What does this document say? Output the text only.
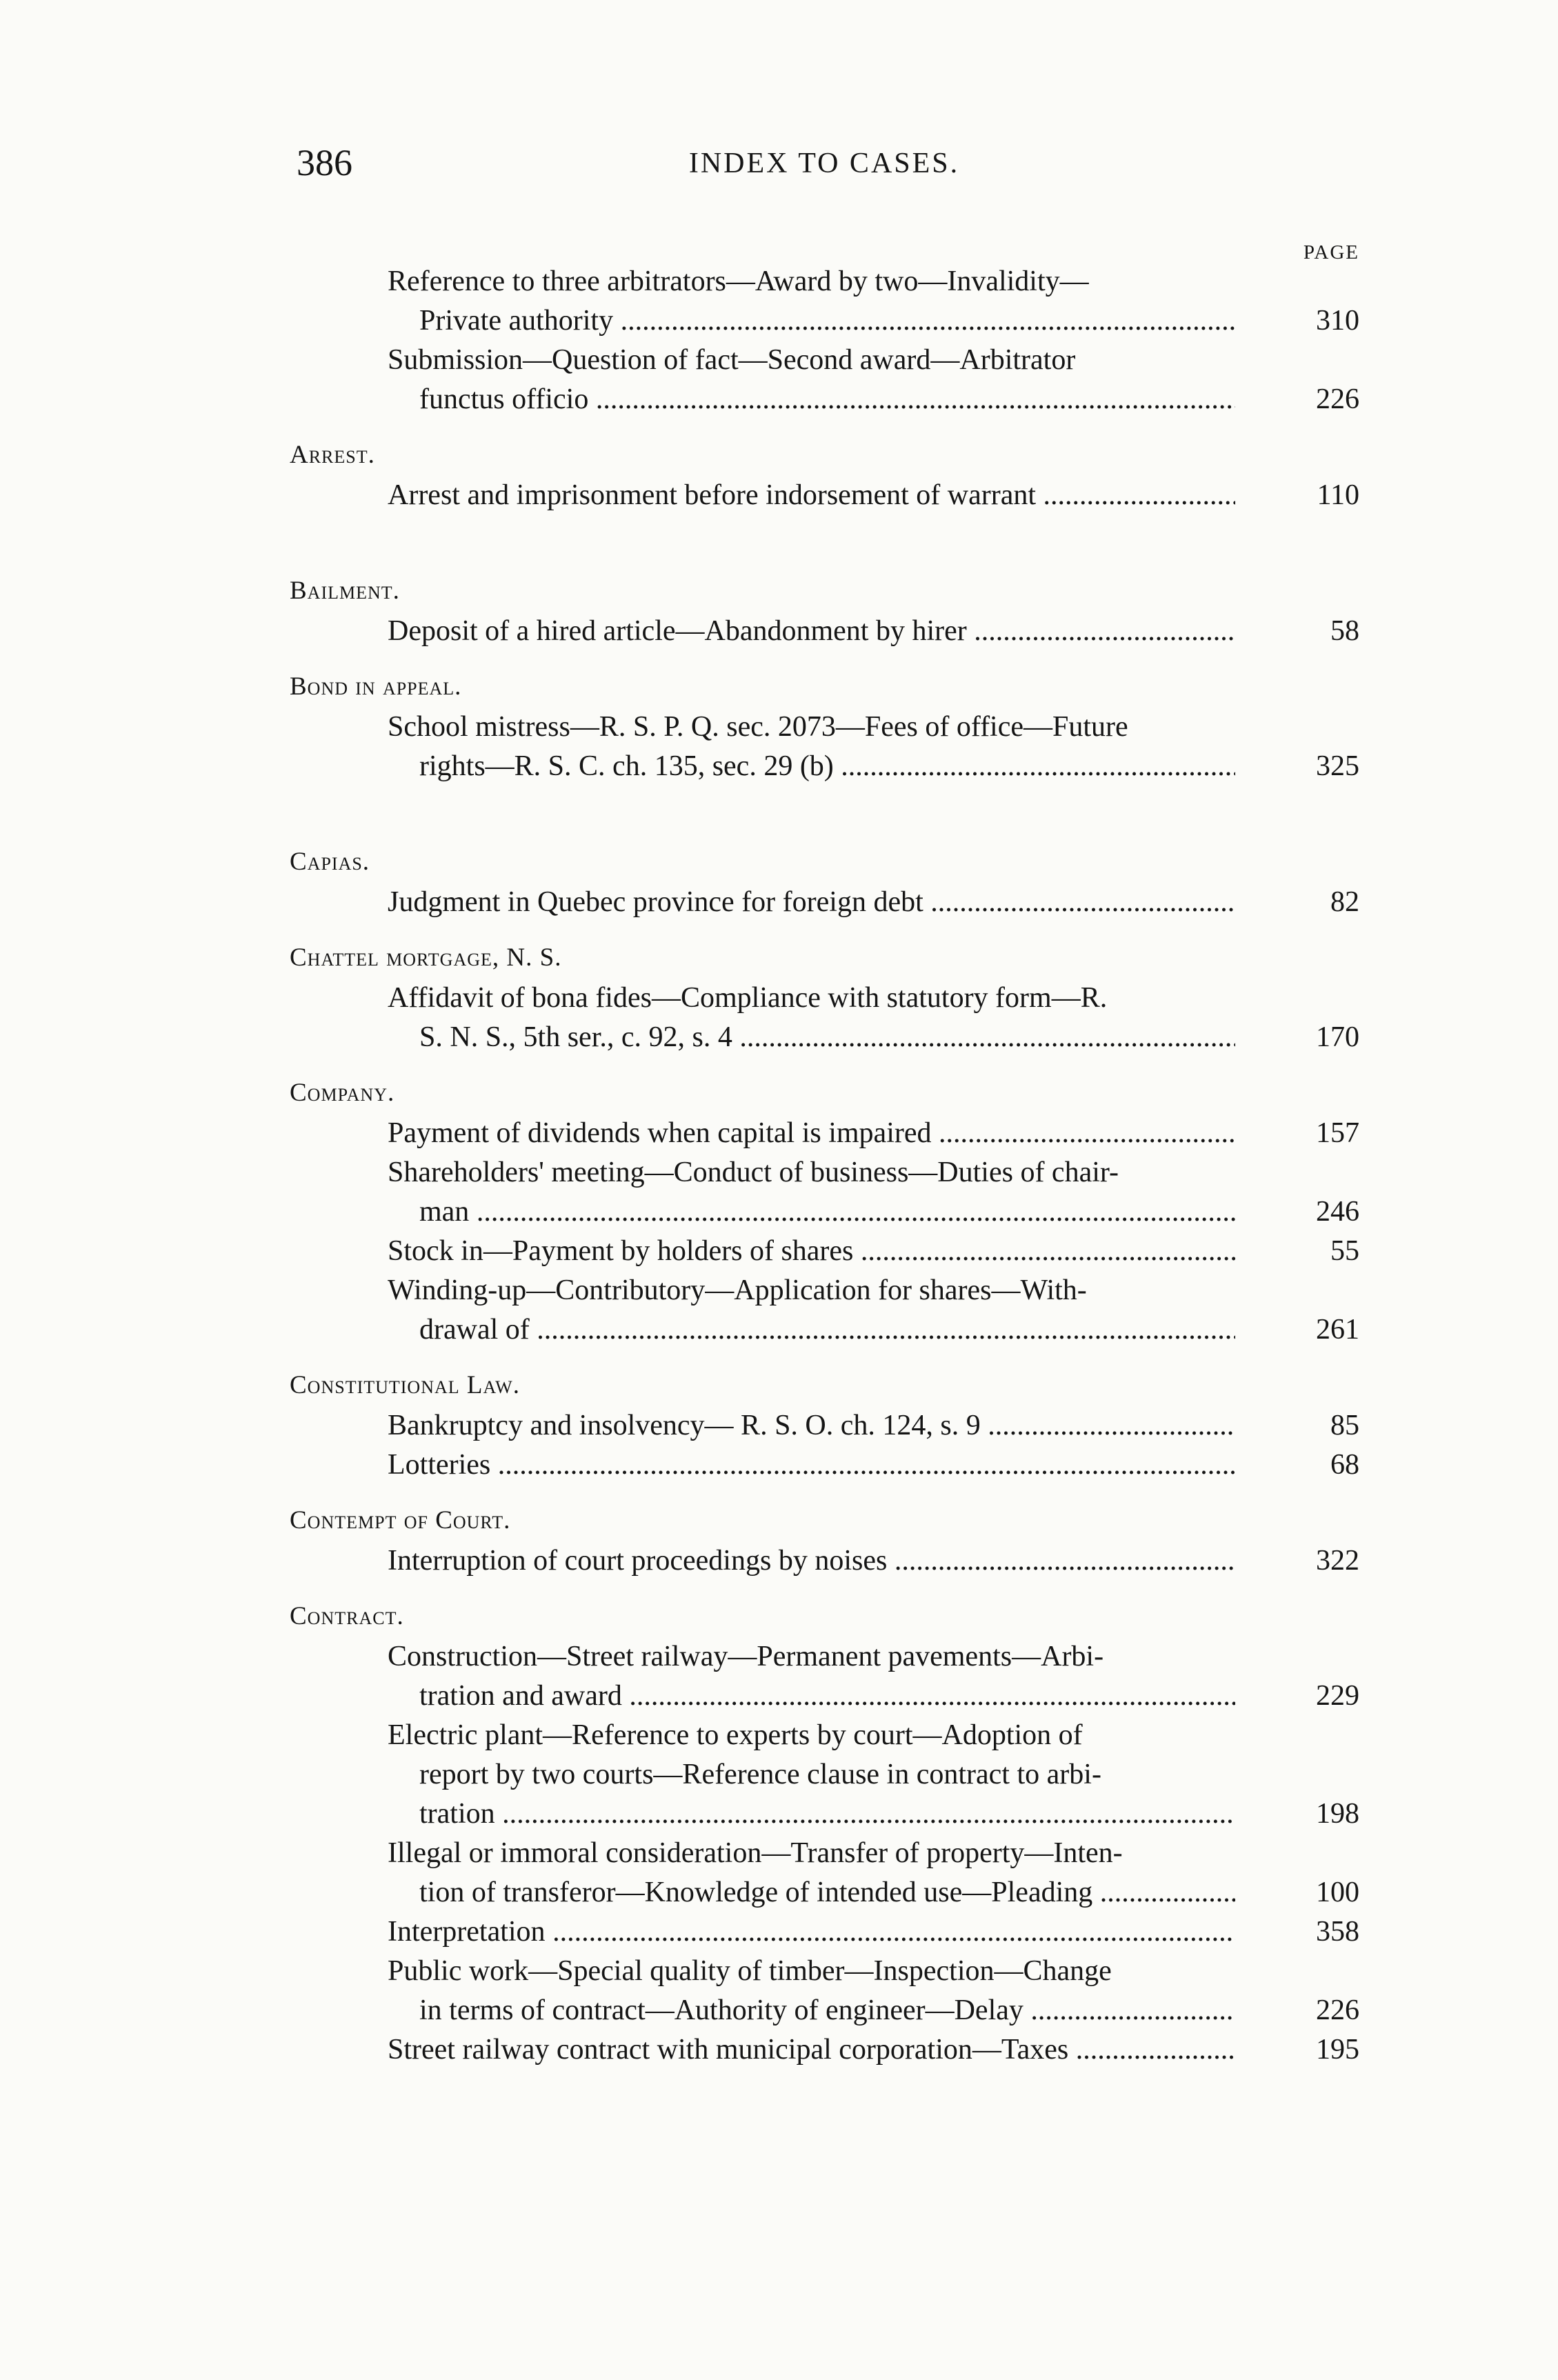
386	INDEX TO CASES.
PAGE
Reference to three arbitrators—Award by two—Invalidity—
Private authority .....	310
Submission—Question of fact—Second award—Arbitrator
functus officio .....	226
Arrest.
Arrest and imprisonment before indorsement of warrant .....	110
Bailment.
Deposit of a hired article—Abandonment by hirer .....	58
Bond in appeal.
School mistress—R. S. P. Q. sec. 2073—Fees of office—Future
rights—R. S. C. ch. 135, sec. 29 (b) .....	325
Capias.
Judgment in Quebec province for foreign debt .....	82
Chattel mortgage, N. S.
Affidavit of bona fides—Compliance with statutory form—R.
S. N. S., 5th ser., c. 92, s. 4 .....	170
Company.
Payment of dividends when capital is impaired .....	157
Shareholders' meeting—Conduct of business—Duties of chair-
man .....	246
Stock in—Payment by holders of shares .....	55
Winding-up—Contributory—Application for shares—With-
drawal of .....	261
Constitutional Law.
Bankruptcy and insolvency— R. S. O. ch. 124, s. 9 .....	85
Lotteries .....	68
Contempt of Court.
Interruption of court proceedings by noises .....	322
Contract.
Construction—Street railway—Permanent pavements—Arbi-
tration and award .....	229
Electric plant—Reference to experts by court—Adoption of
report by two courts—Reference clause in contract to arbi-
tration .....	198
Illegal or immoral consideration—Transfer of property—Inten-
tion of transferor—Knowledge of intended use—Pleading .....	100
Interpretation .....	358
Public work—Special quality of timber—Inspection—Change
in terms of contract—Authority of engineer—Delay .....	226
Street railway contract with municipal corporation—Taxes .....	195
